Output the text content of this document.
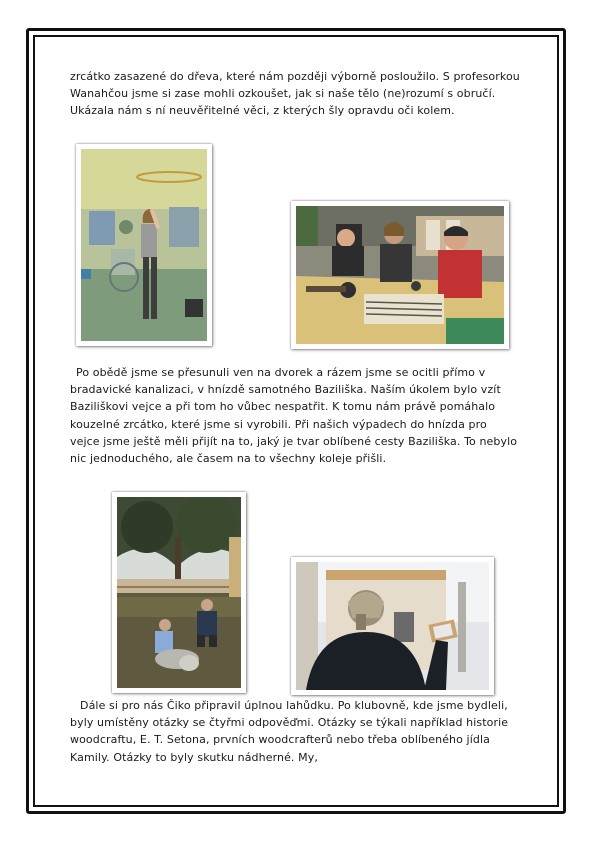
zrcátko zasazené do dřeva, které nám později výborně posloužilo. S profesorkou Wanahčou jsme si zase mohli ozkoušet, jak si naše tělo (ne)rozumí s obručí. Ukázala nám s ní neuvěřitelné věci, z kterých šly opravdu oči kolem.

Po obědě jsme se přesunuli ven na dvorek a rázem jsme se ocitli přímo v bradavické kanalizaci, v hnízdě samotného Baziliška. Naším úkolem bylo vzít Baziliškovi vejce a při tom ho vůbec nespatřit. K tomu nám právě pomáhalo kouzelné zrcátko, které jsme si vyrobili. Při našich výpadech do hnízda pro vejce jsme ještě měli přijít na to, jaký je tvar oblíbené cesty Baziliška. To nebylo nic jednoduchého, ale časem na to všechny koleje přišli.

Dále si pro nás Čiko připravil úplnou lahůdku. Po klubovně, kde jsme bydleli, byly umístěny otázky se čtyřmi odpověďmi. Otázky se týkali například historie woodcraftu, E. T. Setona, prvních woodcrafterů nebo třeba oblíbeného jídla Kamily. Otázky to byly skutku nádherné. My,
